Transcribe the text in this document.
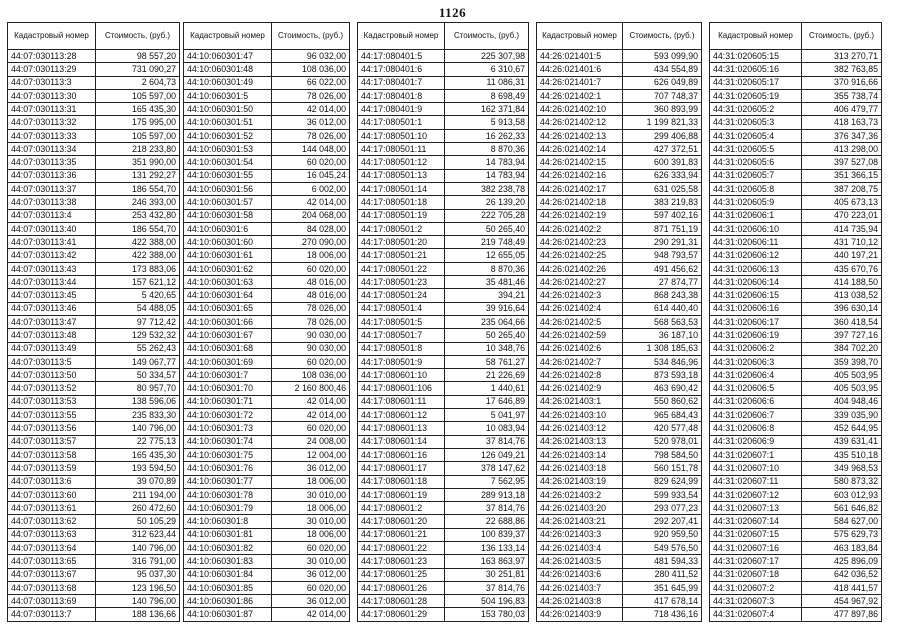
1126
Кадастровый номер	Стоимость, (руб.)
44:07:030113:28	98 557,20
44:07:030113:29	731 090,27
44:07:030113:3	2 604,73
44:07:030113:30	105 597,00
44:07:030113:31	165 435,30
44:07:030113:32	175 995,00
44:07:030113:33	105 597,00
44:07:030113:34	218 233,80
44:07:030113:35	351 990,00
44:07:030113:36	131 292,27
44:07:030113:37	186 554,70
44:07:030113:38	246 393,00
44:07:030113:4	253 432,80
44:07:030113:40	186 554,70
44:07:030113:41	422 388,00
44:07:030113:42	422 388,00
44:07:030113:43	173 883,06
44:07:030113:44	157 621,12
44:07:030113:45	5 420,65
44:07:030113:46	54 488,05
44:07:030113:47	97 712,42
44:07:030113:48	129 532,32
44:07:030113:49	55 262,43
44:07:030113:5	149 067,77
44:07:030113:50	50 334,57
44:07:030113:52	80 957,70
44:07:030113:53	138 596,06
44:07:030113:55	235 833,30
44:07:030113:56	140 796,00
44:07:030113:57	22 775,13
44:07:030113:58	165 435,30
44:07:030113:59	193 594,50
44:07:030113:6	39 070,89
44:07:030113:60	211 194,00
44:07:030113:61	260 472,60
44:07:030113:62	50 105,29
44:07:030113:63	312 623,44
44:07:030113:64	140 796,00
44:07:030113:65	316 791,00
44:07:030113:67	95 037,30
44:07:030113:68	123 196,50
44:07:030113:69	140 796,00
44:07:030113:7	188 136,66
Кадастровый номер	Стоимость, (руб.)
44:10:060301:47	96 032,00
44:10:060301:48	108 036,00
44:10:060301:49	66 022,00
44:10:060301:5	78 026,00
44:10:060301:50	42 014,00
44:10:060301:51	36 012,00
44:10:060301:52	78 026,00
44:10:060301:53	144 048,00
44:10:060301:54	60 020,00
44:10:060301:55	16 045,24
44:10:060301:56	6 002,00
44:10:060301:57	42 014,00
44:10:060301:58	204 068,00
44:10:060301:6	84 028,00
44:10:060301:60	270 090,00
44:10:060301:61	18 006,00
44:10:060301:62	60 020,00
44:10:060301:63	48 016,00
44:10:060301:64	48 016,00
44:10:060301:65	78 026,00
44:10:060301:66	78 026,00
44:10:060301:67	90 030,00
44:10:060301:68	90 030,00
44:10:060301:69	60 020,00
44:10:060301:7	108 036,00
44:10:060301:70	2 160 800,46
44:10:060301:71	42 014,00
44:10:060301:72	42 014,00
44:10:060301:73	60 020,00
44:10:060301:74	24 008,00
44:10:060301:75	12 004,00
44:10:060301:76	36 012,00
44:10:060301:77	18 006,00
44:10:060301:78	30 010,00
44:10:060301:79	18 006,00
44:10:060301:8	30 010,00
44:10:060301:81	18 006,00
44:10:060301:82	60 020,00
44:10:060301:83	30 010,00
44:10:060301:84	36 012,00
44:10:060301:85	60 020,00
44:10:060301:86	36 012,00
44:10:060301:87	42 014,00
Кадастровый номер	Стоимость, (руб.)
44:17:080401:5	225 307,98
44:17:080401:6	6 310,67
44:17:080401:7	11 086,31
44:17:080401:8	8 698,49
44:17:080401:9	162 371,84
44:17:080501:1	5 913,58
44:17:080501:10	16 262,33
44:17:080501:11	8 870,36
44:17:080501:12	14 783,94
44:17:080501:13	14 783,94
44:17:080501:14	382 238,78
44:17:080501:18	26 139,20
44:17:080501:19	222 705,28
44:17:080501:2	50 265,40
44:17:080501:20	219 748,49
44:17:080501:21	12 655,05
44:17:080501:22	8 870,36
44:17:080501:23	35 481,46
44:17:080501:24	394,21
44:17:080501:4	39 916,64
44:17:080501:5	235 064,66
44:17:080501:7	50 265,40
44:17:080501:8	10 348,76
44:17:080501:9	58 761,27
44:17:080601:10	21 226,69
44:17:080601:106	1 440,61
44:17:080601:11	17 646,89
44:17:080601:12	5 041,97
44:17:080601:13	10 083,94
44:17:080601:14	37 814,76
44:17:080601:16	126 049,21
44:17:080601:17	378 147,62
44:17:080601:18	7 562,95
44:17:080601:19	289 913,18
44:17:080601:2	37 814,76
44:17:080601:20	22 688,86
44:17:080601:21	100 839,37
44:17:080601:22	136 133,14
44:17:080601:23	163 863,97
44:17:080601:25	30 251,81
44:17:080601:26	37 814,76
44:17:080601:28	504 196,83
44:17:080601:29	153 780,03
Кадастровый номер	Стоимость, (руб.)
44:26:021401:5	593 099,90
44:26:021401:6	434 554,89
44:26:021401:7	626 049,89
44:26:021402:1	707 748,37
44:26:021402:10	360 893,99
44:26:021402:12	1 199 821,33
44:26:021402:13	299 406,88
44:26:021402:14	427 372,51
44:26:021402:15	600 391,83
44:26:021402:16	626 333,94
44:26:021402:17	631 025,58
44:26:021402:18	383 219,83
44:26:021402:19	597 402,16
44:26:021402:2	871 751,19
44:26:021402:23	290 291,31
44:26:021402:25	948 793,57
44:26:021402:26	491 456,62
44:26:021402:27	27 874,77
44:26:021402:3	868 243,38
44:26:021402:4	614 440,40
44:26:021402:5	568 563,53
44:26:021402:59	36 187,10
44:26:021402:6	1 308 185,63
44:26:021402:7	534 846,96
44:26:021402:8	873 593,18
44:26:021402:9	463 690,42
44:26:021403:1	550 860,62
44:26:021403:10	965 684,43
44:26:021403:12	420 577,48
44:26:021403:13	520 978,01
44:26:021403:14	798 584,50
44:26:021403:18	560 151,78
44:26:021403:19	829 624,99
44:26:021403:2	599 933,54
44:26:021403:20	293 077,23
44:26:021403:21	292 207,41
44:26:021403:3	920 959,50
44:26:021403:4	549 576,50
44:26:021403:5	481 594,33
44:26:021403:6	280 411,52
44:26:021403:7	351 645,99
44:26:021403:8	417 678,14
44:26:021403:9	718 436,16
Кадастровый номер	Стоимость, (руб.)
44:31:020605:15	313 270,71
44:31:020605:16	382 763,85
44:31:020605:17	370 916,66
44:31:020605:19	355 738,74
44:31:020605:2	406 479,77
44:31:020605:3	418 163,73
44:31:020605:4	376 347,36
44:31:020605:5	413 298,00
44:31:020605:6	397 527,08
44:31:020605:7	351 366,15
44:31:020605:8	387 208,75
44:31:020605:9	405 673,13
44:31:020606:1	470 223,01
44:31:020606:10	414 735,94
44:31:020606:11	431 710,12
44:31:020606:12	440 197,21
44:31:020606:13	435 670,76
44:31:020606:14	414 188,50
44:31:020606:15	413 038,52
44:31:020606:16	396 630,14
44:31:020606:17	360 418,54
44:31:020606:19	397 727,16
44:31:020606:2	384 702,20
44:31:020606:3	359 398,70
44:31:020606:4	405 503,95
44:31:020606:5	405 503,95
44:31:020606:6	404 948,46
44:31:020606:7	339 035,90
44:31:020606:8	452 644,95
44:31:020606:9	439 631,41
44:31:020607:1	435 510,18
44:31:020607:10	349 968,53
44:31:020607:11	580 873,32
44:31:020607:12	603 012,93
44:31:020607:13	561 646,82
44:31:020607:14	584 627,00
44:31:020607:15	575 629,73
44:31:020607:16	463 183,84
44:31:020607:17	425 896,09
44:31:020607:18	642 036,52
44:31:020607:2	418 441,57
44:31:020607:3	454 967,92
44:31:020607:4	477 897,86
